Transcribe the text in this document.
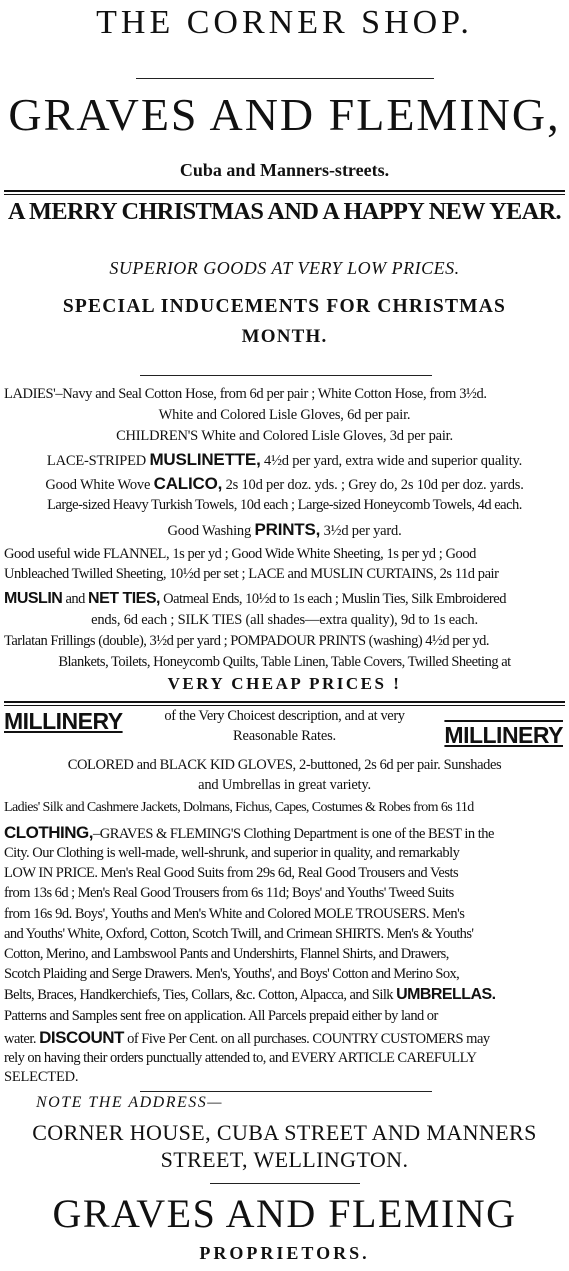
THE CORNER SHOP.
GRAVES AND FLEMING,
Cuba and Manners-streets.
A MERRY CHRISTMAS AND A HAPPY NEW YEAR.
SUPERIOR GOODS AT VERY LOW PRICES.
SPECIAL INDUCEMENTS FOR CHRISTMAS
MONTH.
LADIES'–Navy and Seal Cotton Hose, from 6d per pair ; White Cotton Hose, from 3½d.
White and Colored Lisle Gloves, 6d per pair.
CHILDREN'S White and Colored Lisle Gloves, 3d per pair.
LACE-STRIPED MUSLINETTE, 4½d per yard, extra wide and superior quality.
Good White Wove CALICO, 2s 10d per doz. yds. ; Grey do, 2s 10d per doz. yards.
Large-sized Heavy Turkish Towels, 10d each ; Large-sized Honeycomb Towels, 4d each.
Good Washing PRINTS, 3½d per yard.
Good useful wide FLANNEL, 1s per yd ; Good Wide White Sheeting, 1s per yd ; Good
Unbleached Twilled Sheeting, 10½d per set ; LACE and MUSLIN CURTAINS, 2s 11d pair
MUSLIN and NET TIES, Oatmeal Ends, 10½d to 1s each ; Muslin Ties, Silk Embroidered
ends, 6d each ; SILK TIES (all shades—extra quality), 9d to 1s each.
Tarlatan Frillings (double), 3½d per yard ; POMPADOUR PRINTS (washing) 4½d per yd.
Blankets, Toilets, Honeycomb Quilts, Table Linen, Table Covers, Twilled Sheeting at
VERY CHEAP PRICES !
MILLINERY	of the Very Choicest description, and at very
Reasonable Rates.	MILLINERY
COLORED and BLACK KID GLOVES, 2-buttoned, 2s 6d per pair. Sunshades
and Umbrellas in great variety.
Ladies' Silk and Cashmere Jackets, Dolmans, Fichus, Capes, Costumes & Robes from 6s 11d
CLOTHING,–GRAVES & FLEMING'S Clothing Department is one of the BEST in the
City. Our Clothing is well-made, well-shrunk, and superior in quality, and remarkably
LOW IN PRICE. Men's Real Good Suits from 29s 6d, Real Good Trousers and Vests
from 13s 6d ; Men's Real Good Trousers from 6s 11d; Boys' and Youths' Tweed Suits
from 16s 9d. Boys', Youths and Men's White and Colored MOLE TROUSERS. Men's
and Youths' White, Oxford, Cotton, Scotch Twill, and Crimean SHIRTS. Men's & Youths'
Cotton, Merino, and Lambswool Pants and Undershirts, Flannel Shirts, and Drawers,
Scotch Plaiding and Serge Drawers. Men's, Youths', and Boys' Cotton and Merino Sox,
Belts, Braces, Handkerchiefs, Ties, Collars, &c. Cotton, Alpacca, and Silk UMBRELLAS.
Patterns and Samples sent free on application. All Parcels prepaid either by land or
water. DISCOUNT of Five Per Cent. on all purchases. COUNTRY CUSTOMERS may
rely on having their orders punctually attended to, and EVERY ARTICLE CAREFULLY
SELECTED.
NOTE THE ADDRESS—
CORNER HOUSE, CUBA STREET AND MANNERS
STREET, WELLINGTON.
GRAVES AND FLEMING
PROPRIETORS.
